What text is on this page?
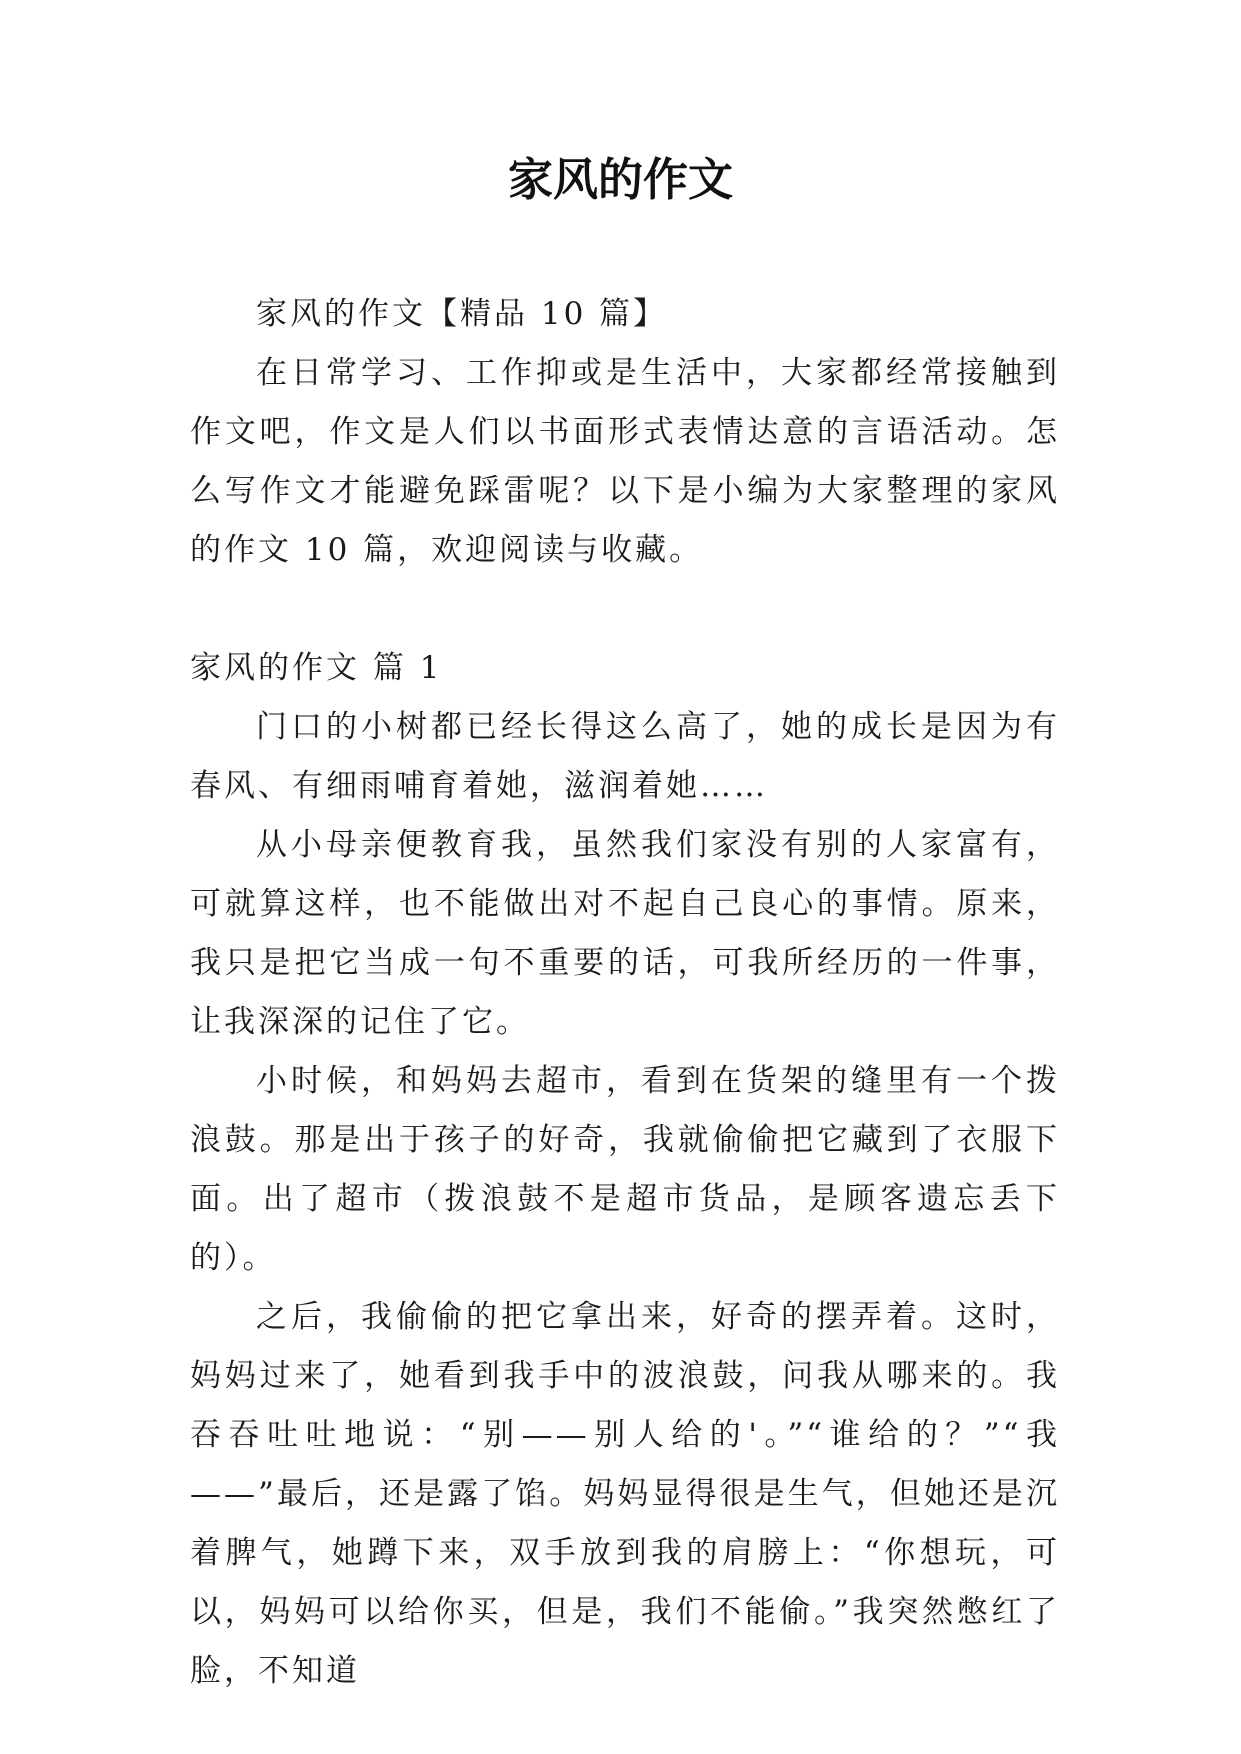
家风的作文

家风的作文【精品 10 篇】

在日常学习、工作抑或是生活中，大家都经常接触到作文吧，作文是人们以书面形式表情达意的言语活动。怎么写作文才能避免踩雷呢？以下是小编为大家整理的家风的作文 10 篇，欢迎阅读与收藏。

家风的作文 篇 1

门口的小树都已经长得这么高了，她的成长是因为有春风、有细雨哺育着她，滋润着她……

从小母亲便教育我，虽然我们家没有别的人家富有，可就算这样，也不能做出对不起自己良心的事情。原来，我只是把它当成一句不重要的话，可我所经历的一件事，让我深深的记住了它。

小时候，和妈妈去超市，看到在货架的缝里有一个拨浪鼓。那是出于孩子的好奇，我就偷偷把它藏到了衣服下面。出了超市（拨浪鼓不是超市货品，是顾客遗忘丢下的）。

之后，我偷偷的把它拿出来，好奇的摆弄着。这时，妈妈过来了，她看到我手中的波浪鼓，问我从哪来的。我吞吞吐吐地说：“别——别人给的'。”“谁给的？”“我——”最后，还是露了馅。妈妈显得很是生气，但她还是沉着脾气，她蹲下来，双手放到我的肩膀上：“你想玩，可以，妈妈可以给你买，但是，我们不能偷。”我突然憋红了脸，不知道
